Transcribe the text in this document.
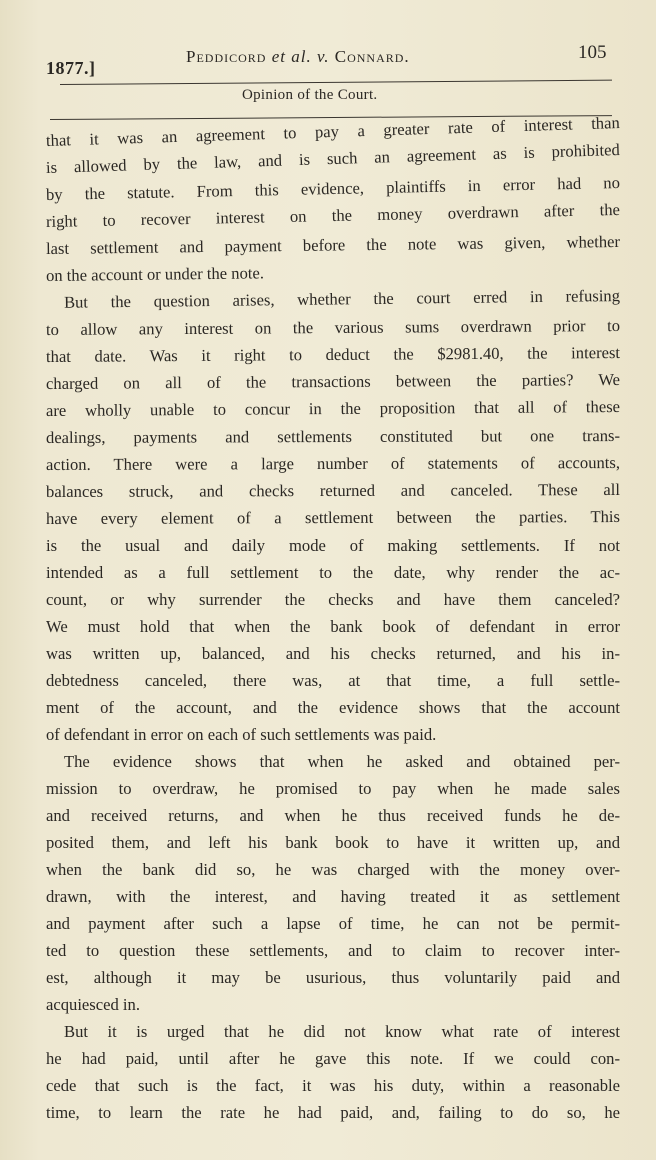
1877.]
Peddicord et al. v. Connard.	105
Opinion of the Court.
that it was an agreement to pay a greater rate of interest than
is allowed by the law, and is such an agreement as is prohibited
by the statute. From this evidence, plaintiffs in error had no
right to recover interest on the money overdrawn after the
last settlement and payment before the note was given, whether
on the account or under the note.
But the question arises, whether the court erred in refusing
to allow any interest on the various sums overdrawn prior to
that date. Was it right to deduct the $2981.40, the interest
charged on all of the transactions between the parties? We
are wholly unable to concur in the proposition that all of these
dealings, payments and settlements constituted but one trans-
action. There were a large number of statements of accounts,
balances struck, and checks returned and canceled. These all
have every element of a settlement between the parties. This
is the usual and daily mode of making settlements. If not
intended as a full settlement to the date, why render the ac-
count, or why surrender the checks and have them canceled?
We must hold that when the bank book of defendant in error
was written up, balanced, and his checks returned, and his in-
debtedness canceled, there was, at that time, a full settle-
ment of the account, and the evidence shows that the account
of defendant in error on each of such settlements was paid.
The evidence shows that when he asked and obtained per-
mission to overdraw, he promised to pay when he made sales
and received returns, and when he thus received funds he de-
posited them, and left his bank book to have it written up, and
when the bank did so, he was charged with the money over-
drawn, with the interest, and having treated it as settlement
and payment after such a lapse of time, he can not be permit-
ted to question these settlements, and to claim to recover inter-
est, although it may be usurious, thus voluntarily paid and
acquiesced in.
But it is urged that he did not know what rate of interest
he had paid, until after he gave this note. If we could con-
cede that such is the fact, it was his duty, within a reasonable
time, to learn the rate he had paid, and, failing to do so, he
